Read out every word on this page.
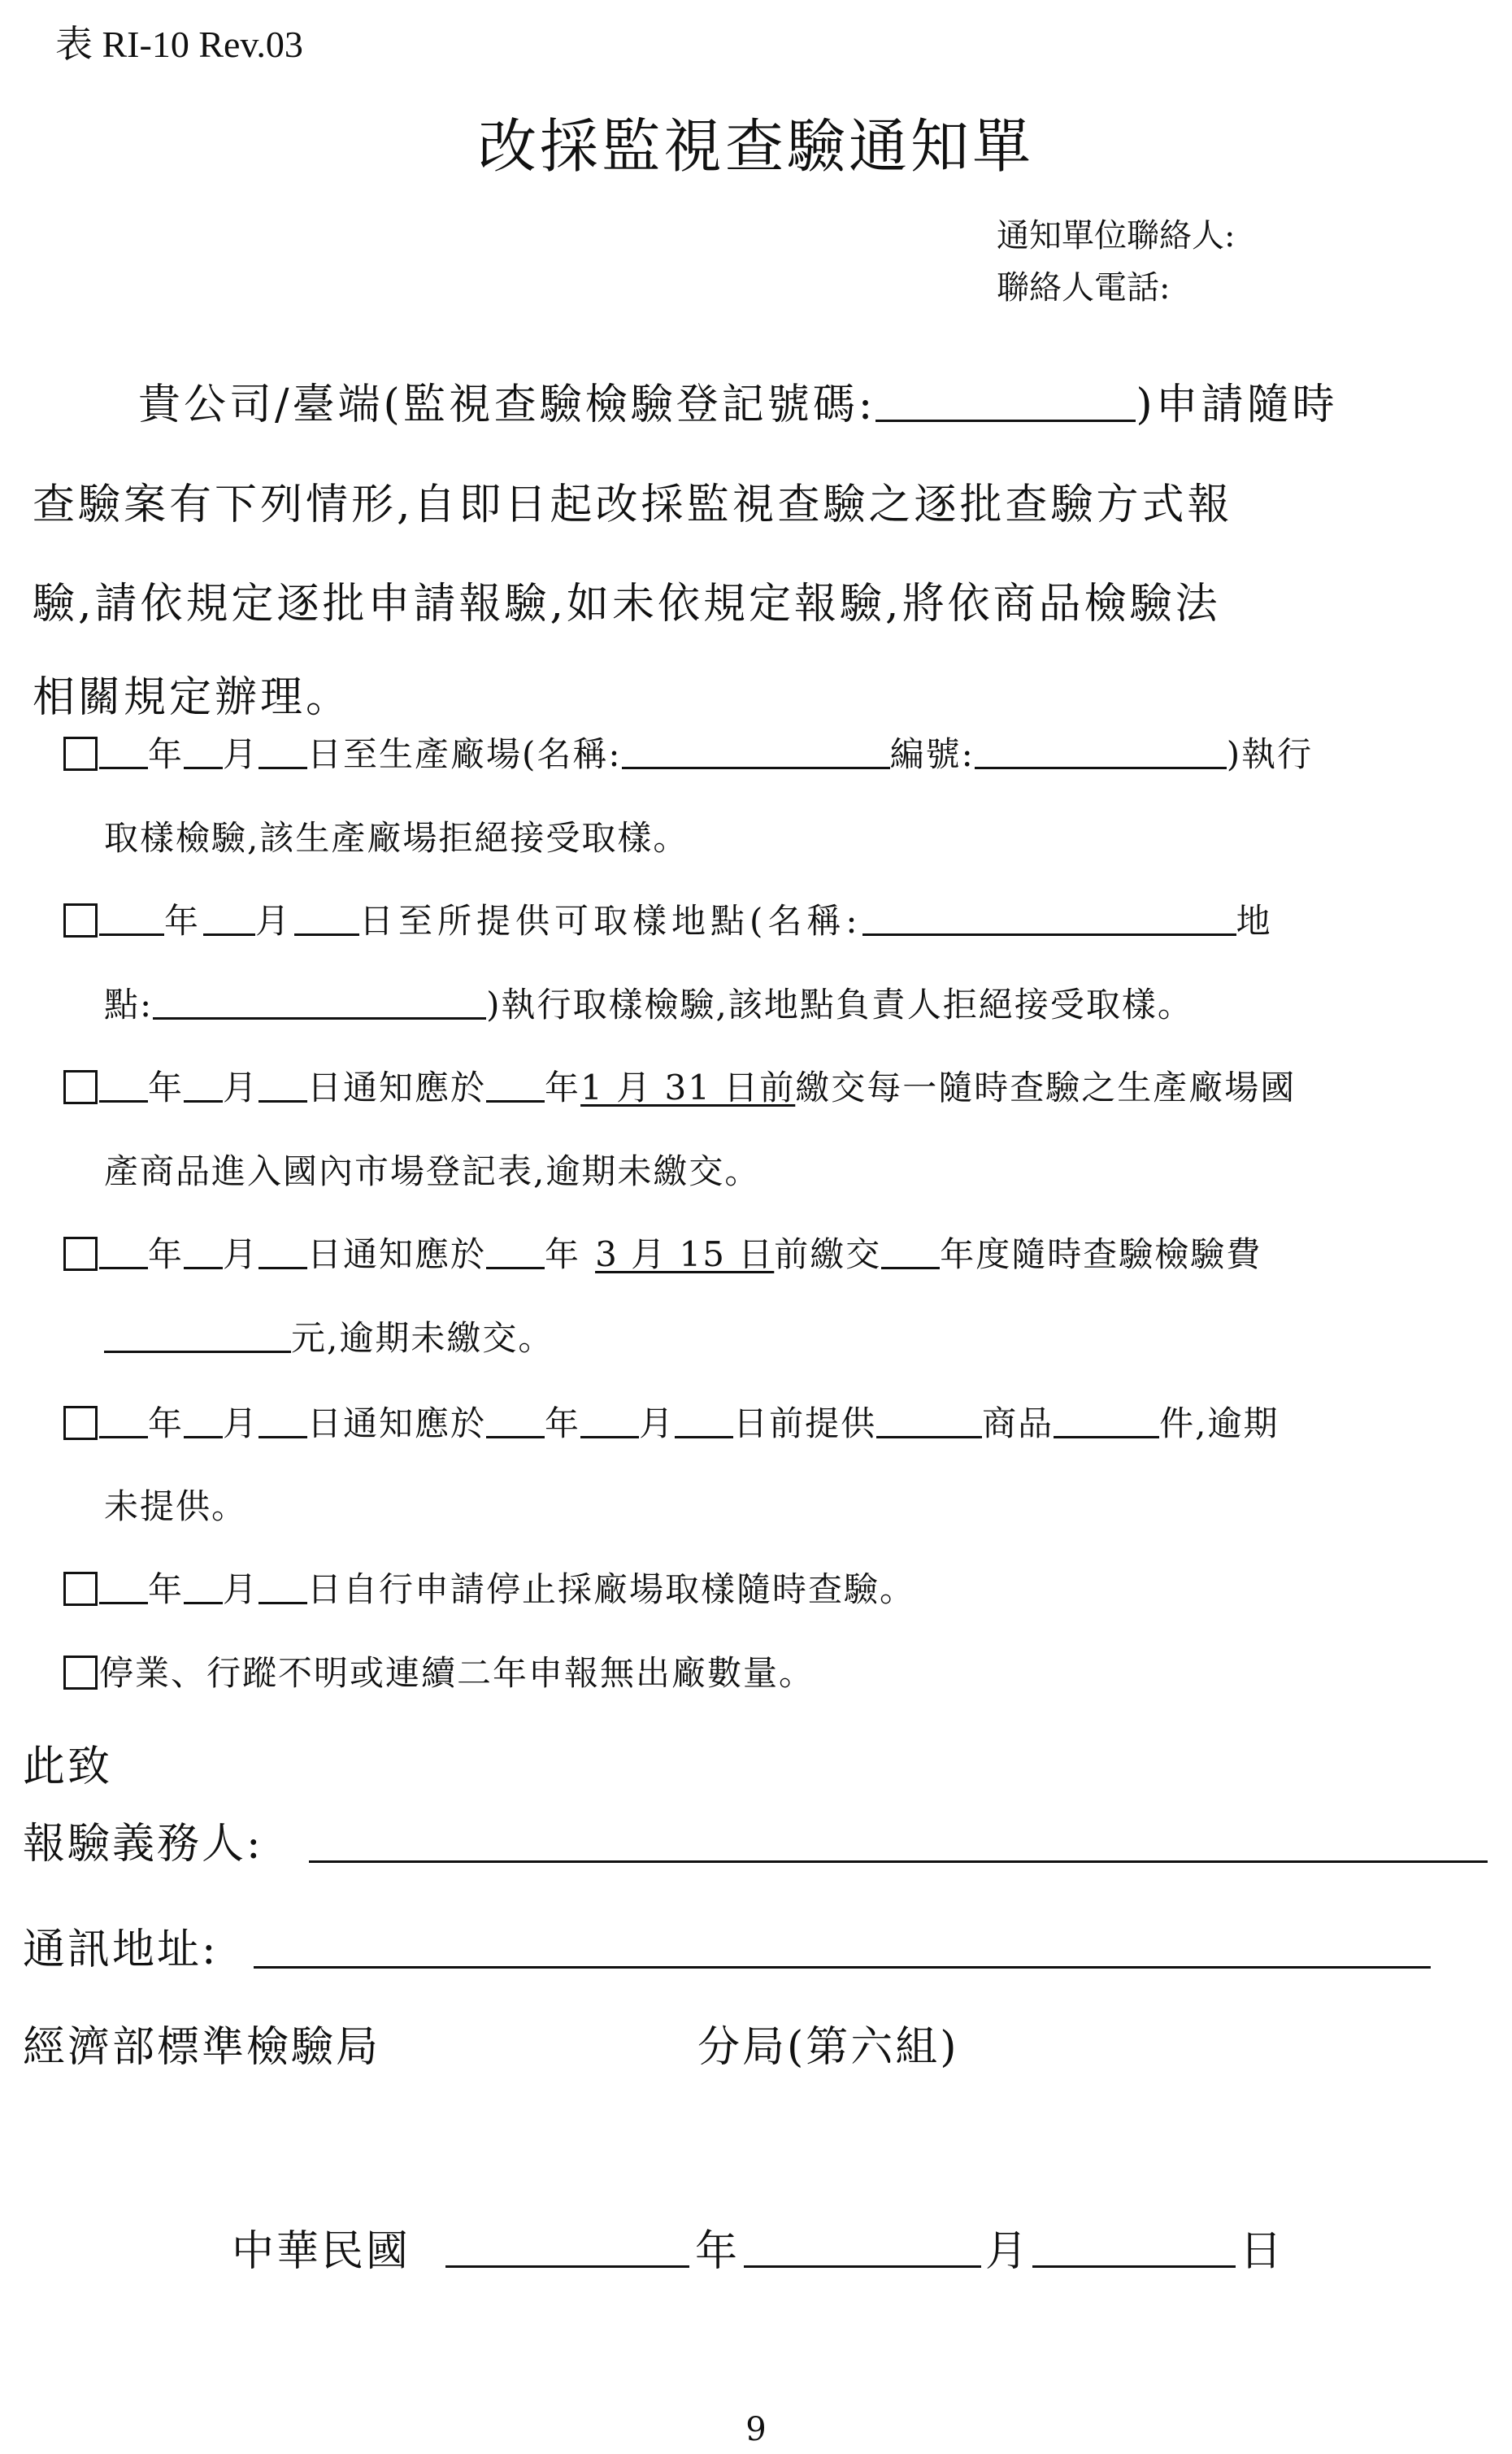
表 RI-10 Rev.03
改採監視查驗通知單
通知單位聯絡人:
聯絡人電話:
貴公司/臺端(監視查驗檢驗登記號碼:	)申請隨時
查驗案有下列情形,自即日起改採監視查驗之逐批查驗方式報
驗,請依規定逐批申請報驗,如未依規定報驗,將依商品檢驗法
相關規定辦理。
年 月 日至生產廠場(名稱:	編號:	)執行
取樣檢驗,該生產廠場拒絕接受取樣。
年 月 日至所提供可取樣地點(名稱:	地
點:	)執行取樣檢驗,該地點負責人拒絕接受取樣。
年 月 日通知應於 年1 月 31 日前繳交每一隨時查驗之生產廠場國
產商品進入國內市場登記表,逾期未繳交。
年 月 日通知應於 年 3 月 15 日前繳交 年度隨時查驗檢驗費
元,逾期未繳交。
年 月 日通知應於 年 月 日前提供	商品	件,逾期
未提供。
年 月 日自行申請停止採廠場取樣隨時查驗。
停業、行蹤不明或連續二年申報無出廠數量。
此致
報驗義務人:
通訊地址:
經濟部標準檢驗局	分局(第六組)
中華民國	年	月	日
9
